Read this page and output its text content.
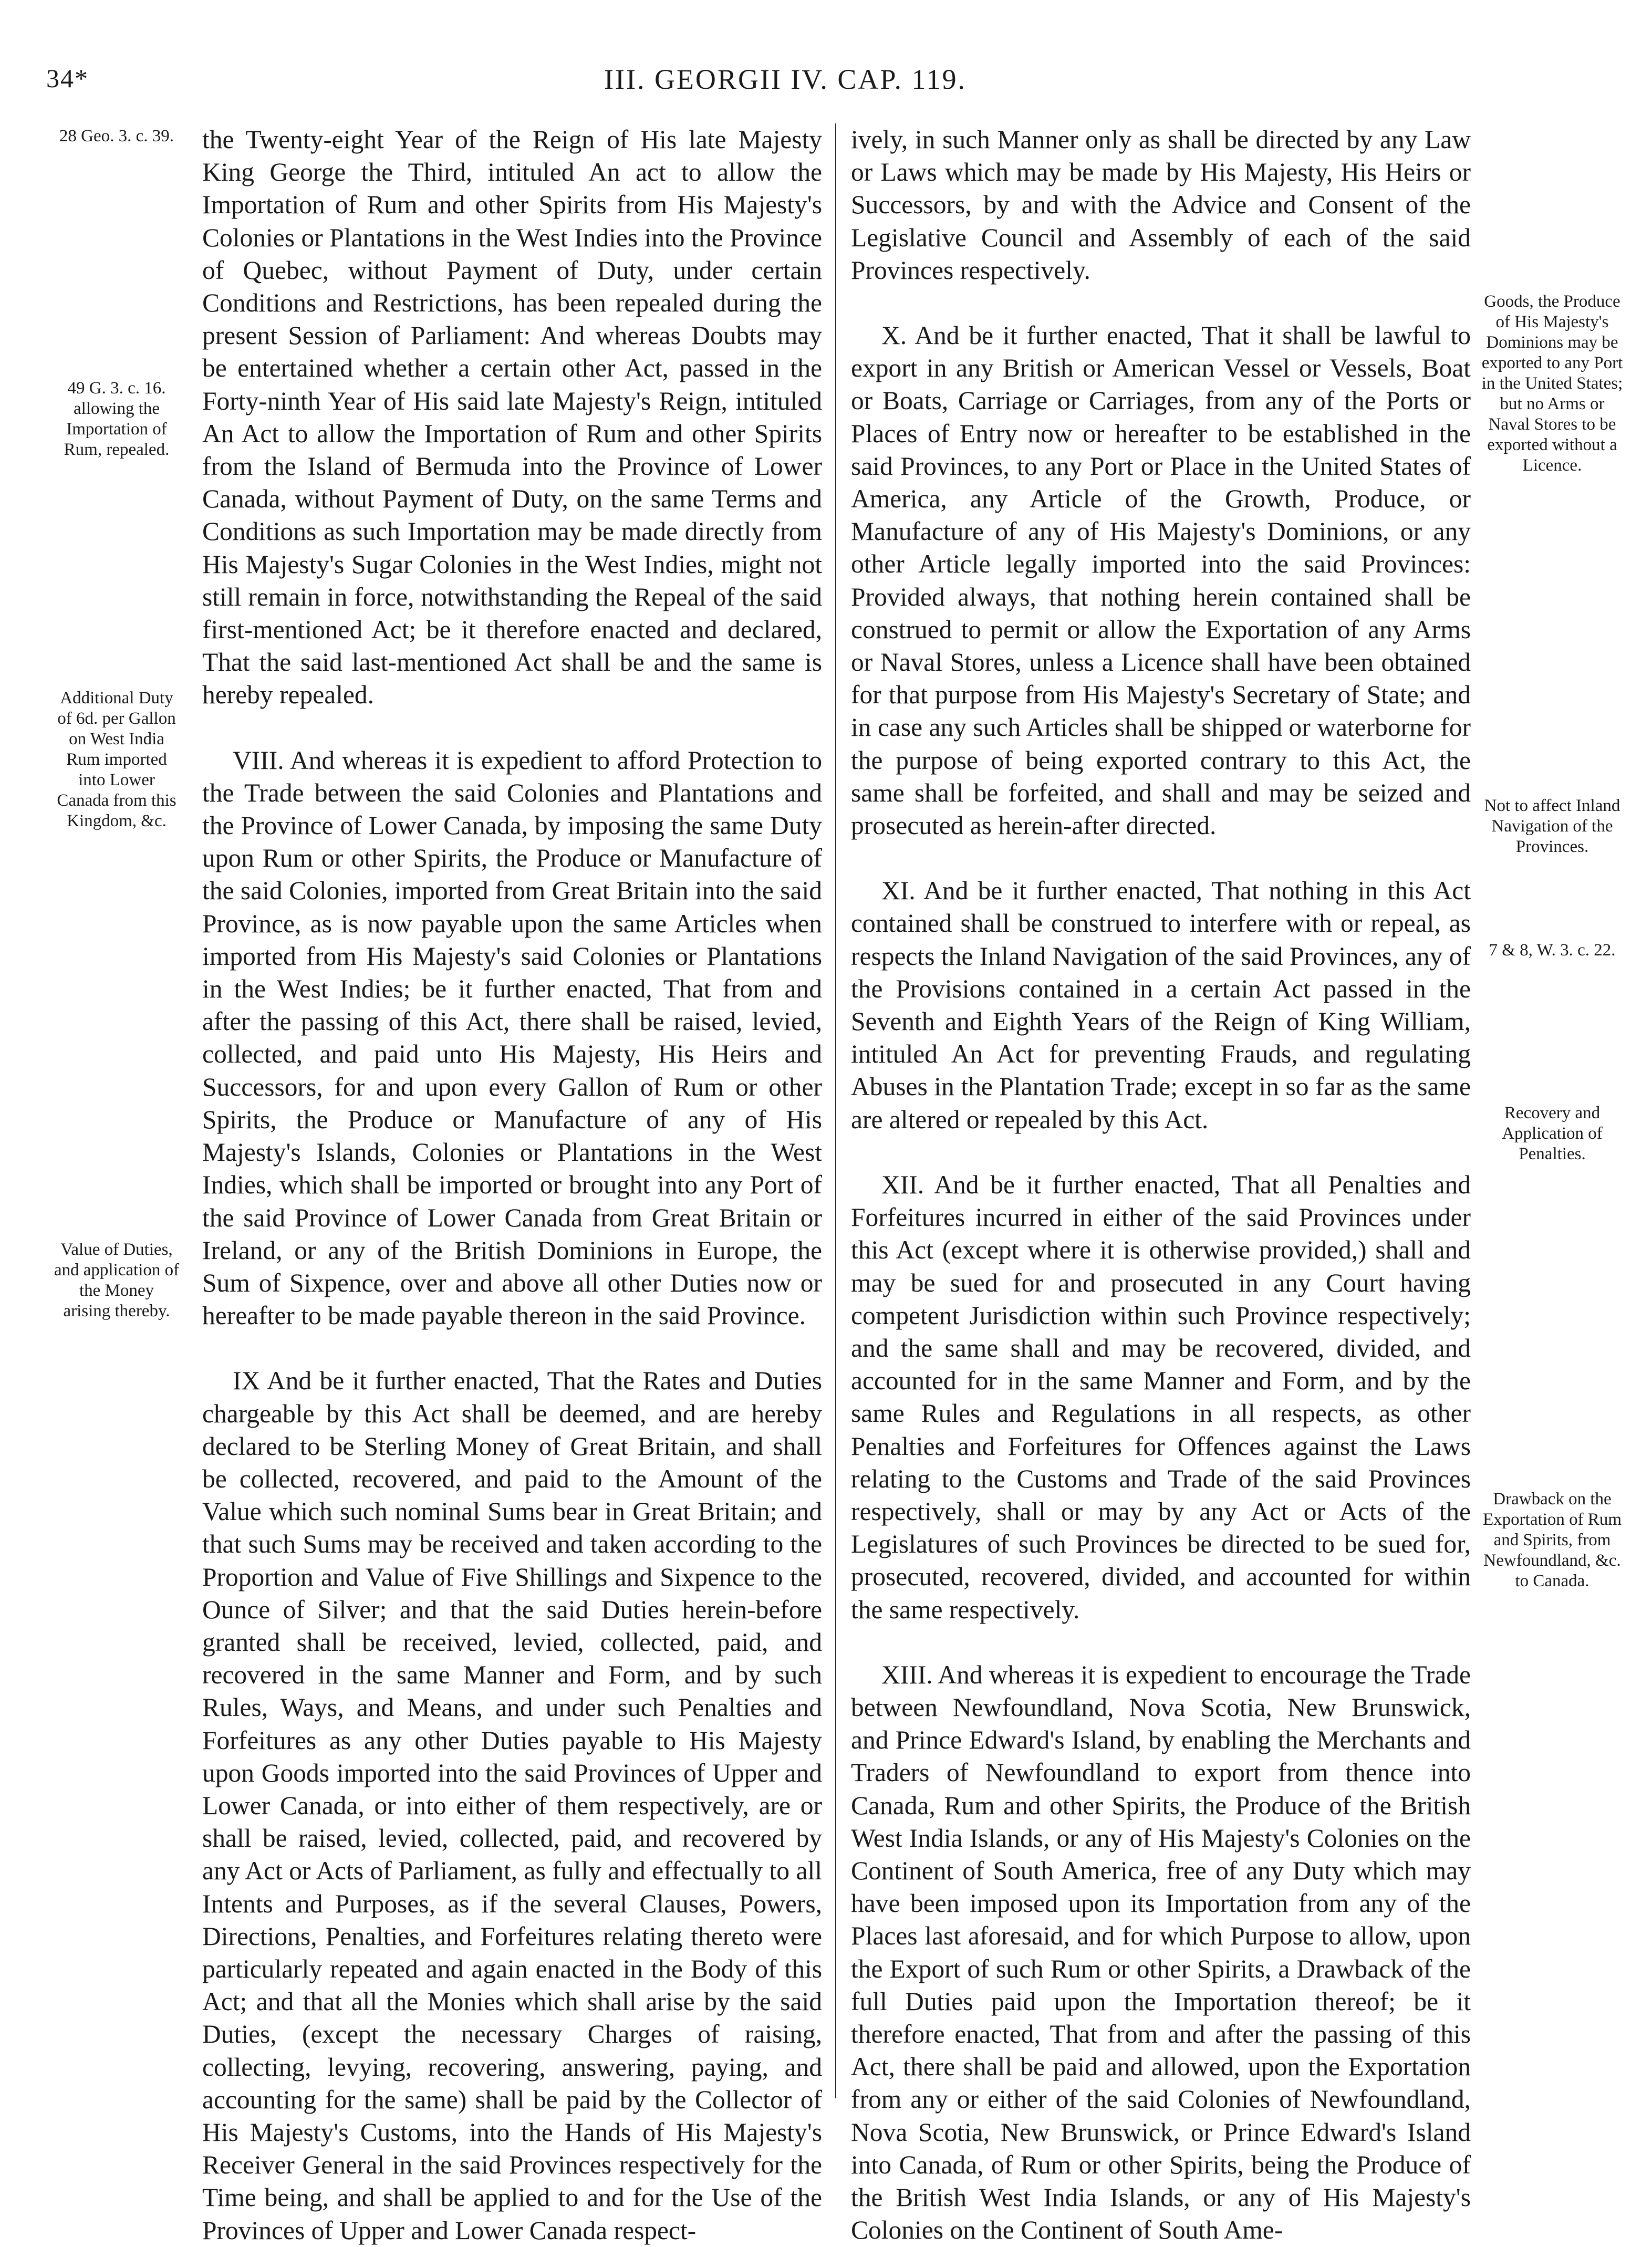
34*	III. GEORGII IV. CAP. 119.

the Twenty-eight Year of the Reign of His late Majesty King George the Third, intituled An act to allow the Importation of Rum and other Spirits from His Majesty's Colonies or Plantations in the West Indies into the Province of Quebec, without Payment of Duty, under certain Conditions and Restrictions, has been repealed during the present Session of Parliament: And whereas Doubts may be entertained whether a certain other Act, passed in the Forty-ninth Year of His said late Majesty's Reign, intituled An Act to allow the Importation of Rum and other Spirits from the Island of Bermuda into the Province of Lower Canada, without Payment of Duty, on the same Terms and Conditions as such Importation may be made directly from His Majesty's Sugar Colonies in the West Indies, might not still remain in force, notwithstanding the Repeal of the said first-mentioned Act; be it therefore enacted and declared, That the said last-mentioned Act shall be and the same is hereby repealed.

VIII. And whereas it is expedient to afford Protection to the Trade between the said Colonies and Plantations and the Province of Lower Canada, by imposing the same Duty upon Rum or other Spirits, the Produce or Manufacture of the said Colonies, imported from Great Britain into the said Province, as is now payable upon the same Articles when imported from His Majesty's said Colonies or Plantations in the West Indies; be it further enacted, That from and after the passing of this Act, there shall be raised, levied, collected, and paid unto His Majesty, His Heirs and Successors, for and upon every Gallon of Rum or other Spirits, the Produce or Manufacture of any of His Majesty's Islands, Colonies or Plantations in the West Indies, which shall be imported or brought into any Port of the said Province of Lower Canada from Great Britain or Ireland, or any of the British Dominions in Europe, the Sum of Sixpence, over and above all other Duties now or hereafter to be made payable thereon in the said Province.

IX And be it further enacted, That the Rates and Duties chargeable by this Act shall be deemed, and are hereby declared to be Sterling Money of Great Britain, and shall be collected, recovered, and paid to the Amount of the Value which such nominal Sums bear in Great Britain; and that such Sums may be received and taken according to the Proportion and Value of Five Shillings and Sixpence to the Ounce of Silver; and that the said Duties herein-before granted shall be received, levied, collected, paid, and recovered in the same Manner and Form, and by such Rules, Ways, and Means, and under such Penalties and Forfeitures as any other Duties payable to His Majesty upon Goods imported into the said Provinces of Upper and Lower Canada, or into either of them respectively, are or shall be raised, levied, collected, paid, and recovered by any Act or Acts of Parliament, as fully and effectually to all Intents and Purposes, as if the several Clauses, Powers, Directions, Penalties, and Forfeitures relating thereto were particularly repeated and again enacted in the Body of this Act; and that all the Monies which shall arise by the said Duties, (except the necessary Charges of raising, collecting, levying, recovering, answering, paying, and accounting for the same) shall be paid by the Collector of His Majesty's Customs, into the Hands of His Majesty's Receiver General in the said Provinces respectively for the Time being, and shall be applied to and for the Use of the Provinces of Upper and Lower Canada respect-

ively, in such Manner only as shall be directed by any Law or Laws which may be made by His Majesty, His Heirs or Successors, by and with the Advice and Consent of the Legislative Council and Assembly of each of the said Provinces respectively.

X. And be it further enacted, That it shall be lawful to export in any British or American Vessel or Vessels, Boat or Boats, Carriage or Carriages, from any of the Ports or Places of Entry now or hereafter to be established in the said Provinces, to any Port or Place in the United States of America, any Article of the Growth, Produce, or Manufacture of any of His Majesty's Dominions, or any other Article legally imported into the said Provinces: Provided always, that nothing herein contained shall be construed to permit or allow the Exportation of any Arms or Naval Stores, unless a Licence shall have been obtained for that purpose from His Majesty's Secretary of State; and in case any such Articles shall be shipped or waterborne for the purpose of being exported contrary to this Act, the same shall be forfeited, and shall and may be seized and prosecuted as herein-after directed.

XI. And be it further enacted, That nothing in this Act contained shall be construed to interfere with or repeal, as respects the Inland Navigation of the said Provinces, any of the Provisions contained in a certain Act passed in the Seventh and Eighth Years of the Reign of King William, intituled An Act for preventing Frauds, and regulating Abuses in the Plantation Trade; except in so far as the same are altered or repealed by this Act.

XII. And be it further enacted, That all Penalties and Forfeitures incurred in either of the said Provinces under this Act (except where it is otherwise provided,) shall and may be sued for and prosecuted in any Court having competent Jurisdiction within such Province respectively; and the same shall and may be recovered, divided, and accounted for in the same Manner and Form, and by the same Rules and Regulations in all respects, as other Penalties and Forfeitures for Offences against the Laws relating to the Customs and Trade of the said Provinces respectively, shall or may by any Act or Acts of the Legislatures of such Provinces be directed to be sued for, prosecuted, recovered, divided, and accounted for within the same respectively.

XIII. And whereas it is expedient to encourage the Trade between Newfoundland, Nova Scotia, New Brunswick, and Prince Edward's Island, by enabling the Merchants and Traders of Newfoundland to export from thence into Canada, Rum and other Spirits, the Produce of the British West India Islands, or any of His Majesty's Colonies on the Continent of South America, free of any Duty which may have been imposed upon its Importation from any of the Places last aforesaid, and for which Purpose to allow, upon the Export of such Rum or other Spirits, a Drawback of the full Duties paid upon the Importation thereof; be it therefore enacted, That from and after the passing of this Act, there shall be paid and allowed, upon the Exportation from any or either of the said Colonies of Newfoundland, Nova Scotia, New Brunswick, or Prince Edward's Island into Canada, of Rum or other Spirits, being the Produce of the British West India Islands, or any of His Majesty's Colonies on the Continent of South Ame-

28 Geo. 3. c. 39.
49 G. 3. c. 16. allowing the Importation of Rum, repealed.
Additional Duty of 6d. per Gallon on West India Rum imported into Lower Canada from this Kingdom, &c.
Value of Duties, and application of the Money arising thereby.
Goods, the Produce of His Majesty's Dominions may be exported to any Port in the United States; but no Arms or Naval Stores to be exported without a Licence.
Not to affect Inland Navigation of the Provinces.
7 & 8, W. 3. c. 22.
Recovery and Application of Penalties.
Drawback on the Exportation of Rum and Spirits, from Newfoundland, &c. to Canada.
